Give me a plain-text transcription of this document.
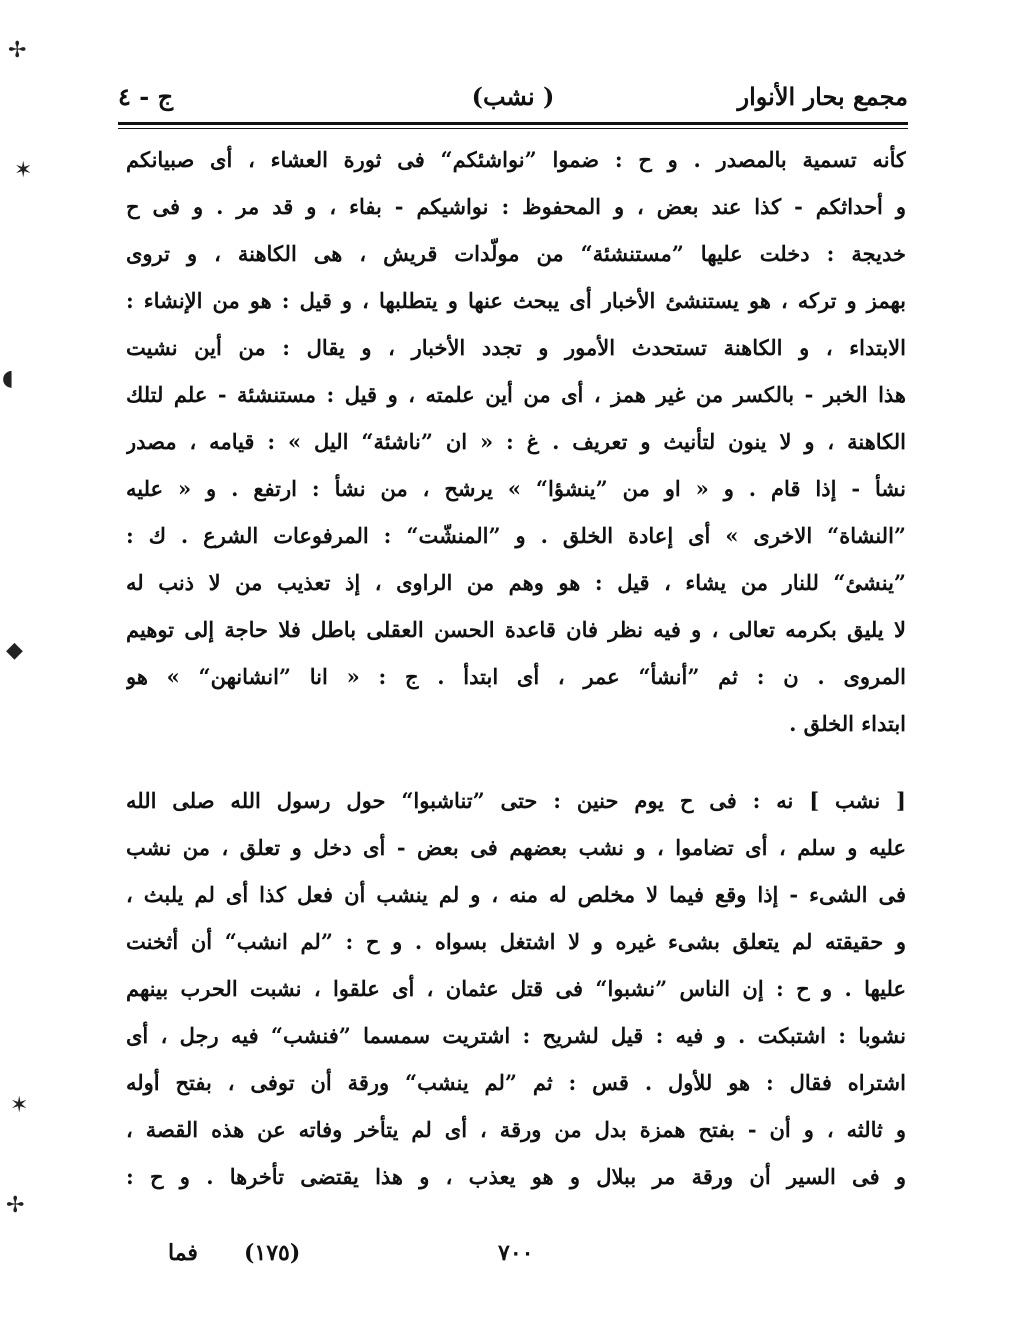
مجمع بحار الأنوار
( نشب)
ج - ٤
كأنه تسمية بالمصدر . و ح : ضموا ”نواشئكم“ فى ثورة العشاء ، أى صبيانكم
و أحداثكم - كذا عند بعض ، و المحفوظ : نواشيكم - بفاء ، و قد مر . و فى ح
خديجة : دخلت عليها ”مستنشئة“ من مولّدات قريش ، هى الكاهنة ، و تروى
بهمز و تركه ، هو يستنشئ الأخبار أى يبحث عنها و يتطلبها ، و قيل : هو من الإنشاء :
الابتداء ، و الكاهنة تستحدث الأمور و تجدد الأخبار ، و يقال : من أين نشيت
هذا الخبر - بالكسر من غير همز ، أى من أين علمته ، و قيل : مستنشئة - علم لتلك
الكاهنة ، و لا ينون لتأنيث و تعريف . غ : « ان ”ناشئة“ اليل » : قيامه ، مصدر
نشأ - إذا قام . و « او من ”ينشؤا“ » يرشح ، من نشأ : ارتفع . و « عليه
”النشاة“ الاخرى » أى إعادة الخلق . و ”المنشّت“ : المرفوعات الشرع . ك :
”ينشئ“ للنار من يشاء ، قيل : هو وهم من الراوى ، إذ تعذيب من لا ذنب له
لا يليق بكرمه تعالى ، و فيه نظر فان قاعدة الحسن العقلى باطل فلا حاجة إلى توهيم
المروى . ن : ثم ”أنشأ“ عمر ، أى ابتدأ . ج : « انا ”انشانهن“ » هو
ابتداء الخلق .
[ نشب ] نه : فى ح يوم حنين : حتى ”تناشبوا“ حول رسول الله صلى الله
عليه و سلم ، أى تضاموا ، و نشب بعضهم فى بعض - أى دخل و تعلق ، من نشب
فى الشىء - إذا وقع فيما لا مخلص له منه ، و لم ينشب أن فعل كذا أى لم يلبث ،
و حقيقته لم يتعلق بشىء غيره و لا اشتغل بسواه . و ح : ”لم انشب“ أن أثخنت
عليها . و ح : إن الناس ”نشبوا“ فى قتل عثمان ، أى علقوا ، نشبت الحرب بينهم
نشوبا : اشتبكت . و فيه : قيل لشريح : اشتريت سمسما ”فنشب“ فيه رجل ، أى
اشتراه فقال : هو للأول . قس : ثم ”لم ينشب“ ورقة أن توفى ، بفتح أوله
و ثالثه ، و أن - بفتح همزة بدل من ورقة ، أى لم يتأخر وفاته عن هذه القصة ،
و فى السير أن ورقة مر ببلال و هو يعذب ، و هذا يقتضى تأخرها . و ح :
٧٠٠
(١٧٥)
فما
✢
✶
◖
◆
✶
✢
